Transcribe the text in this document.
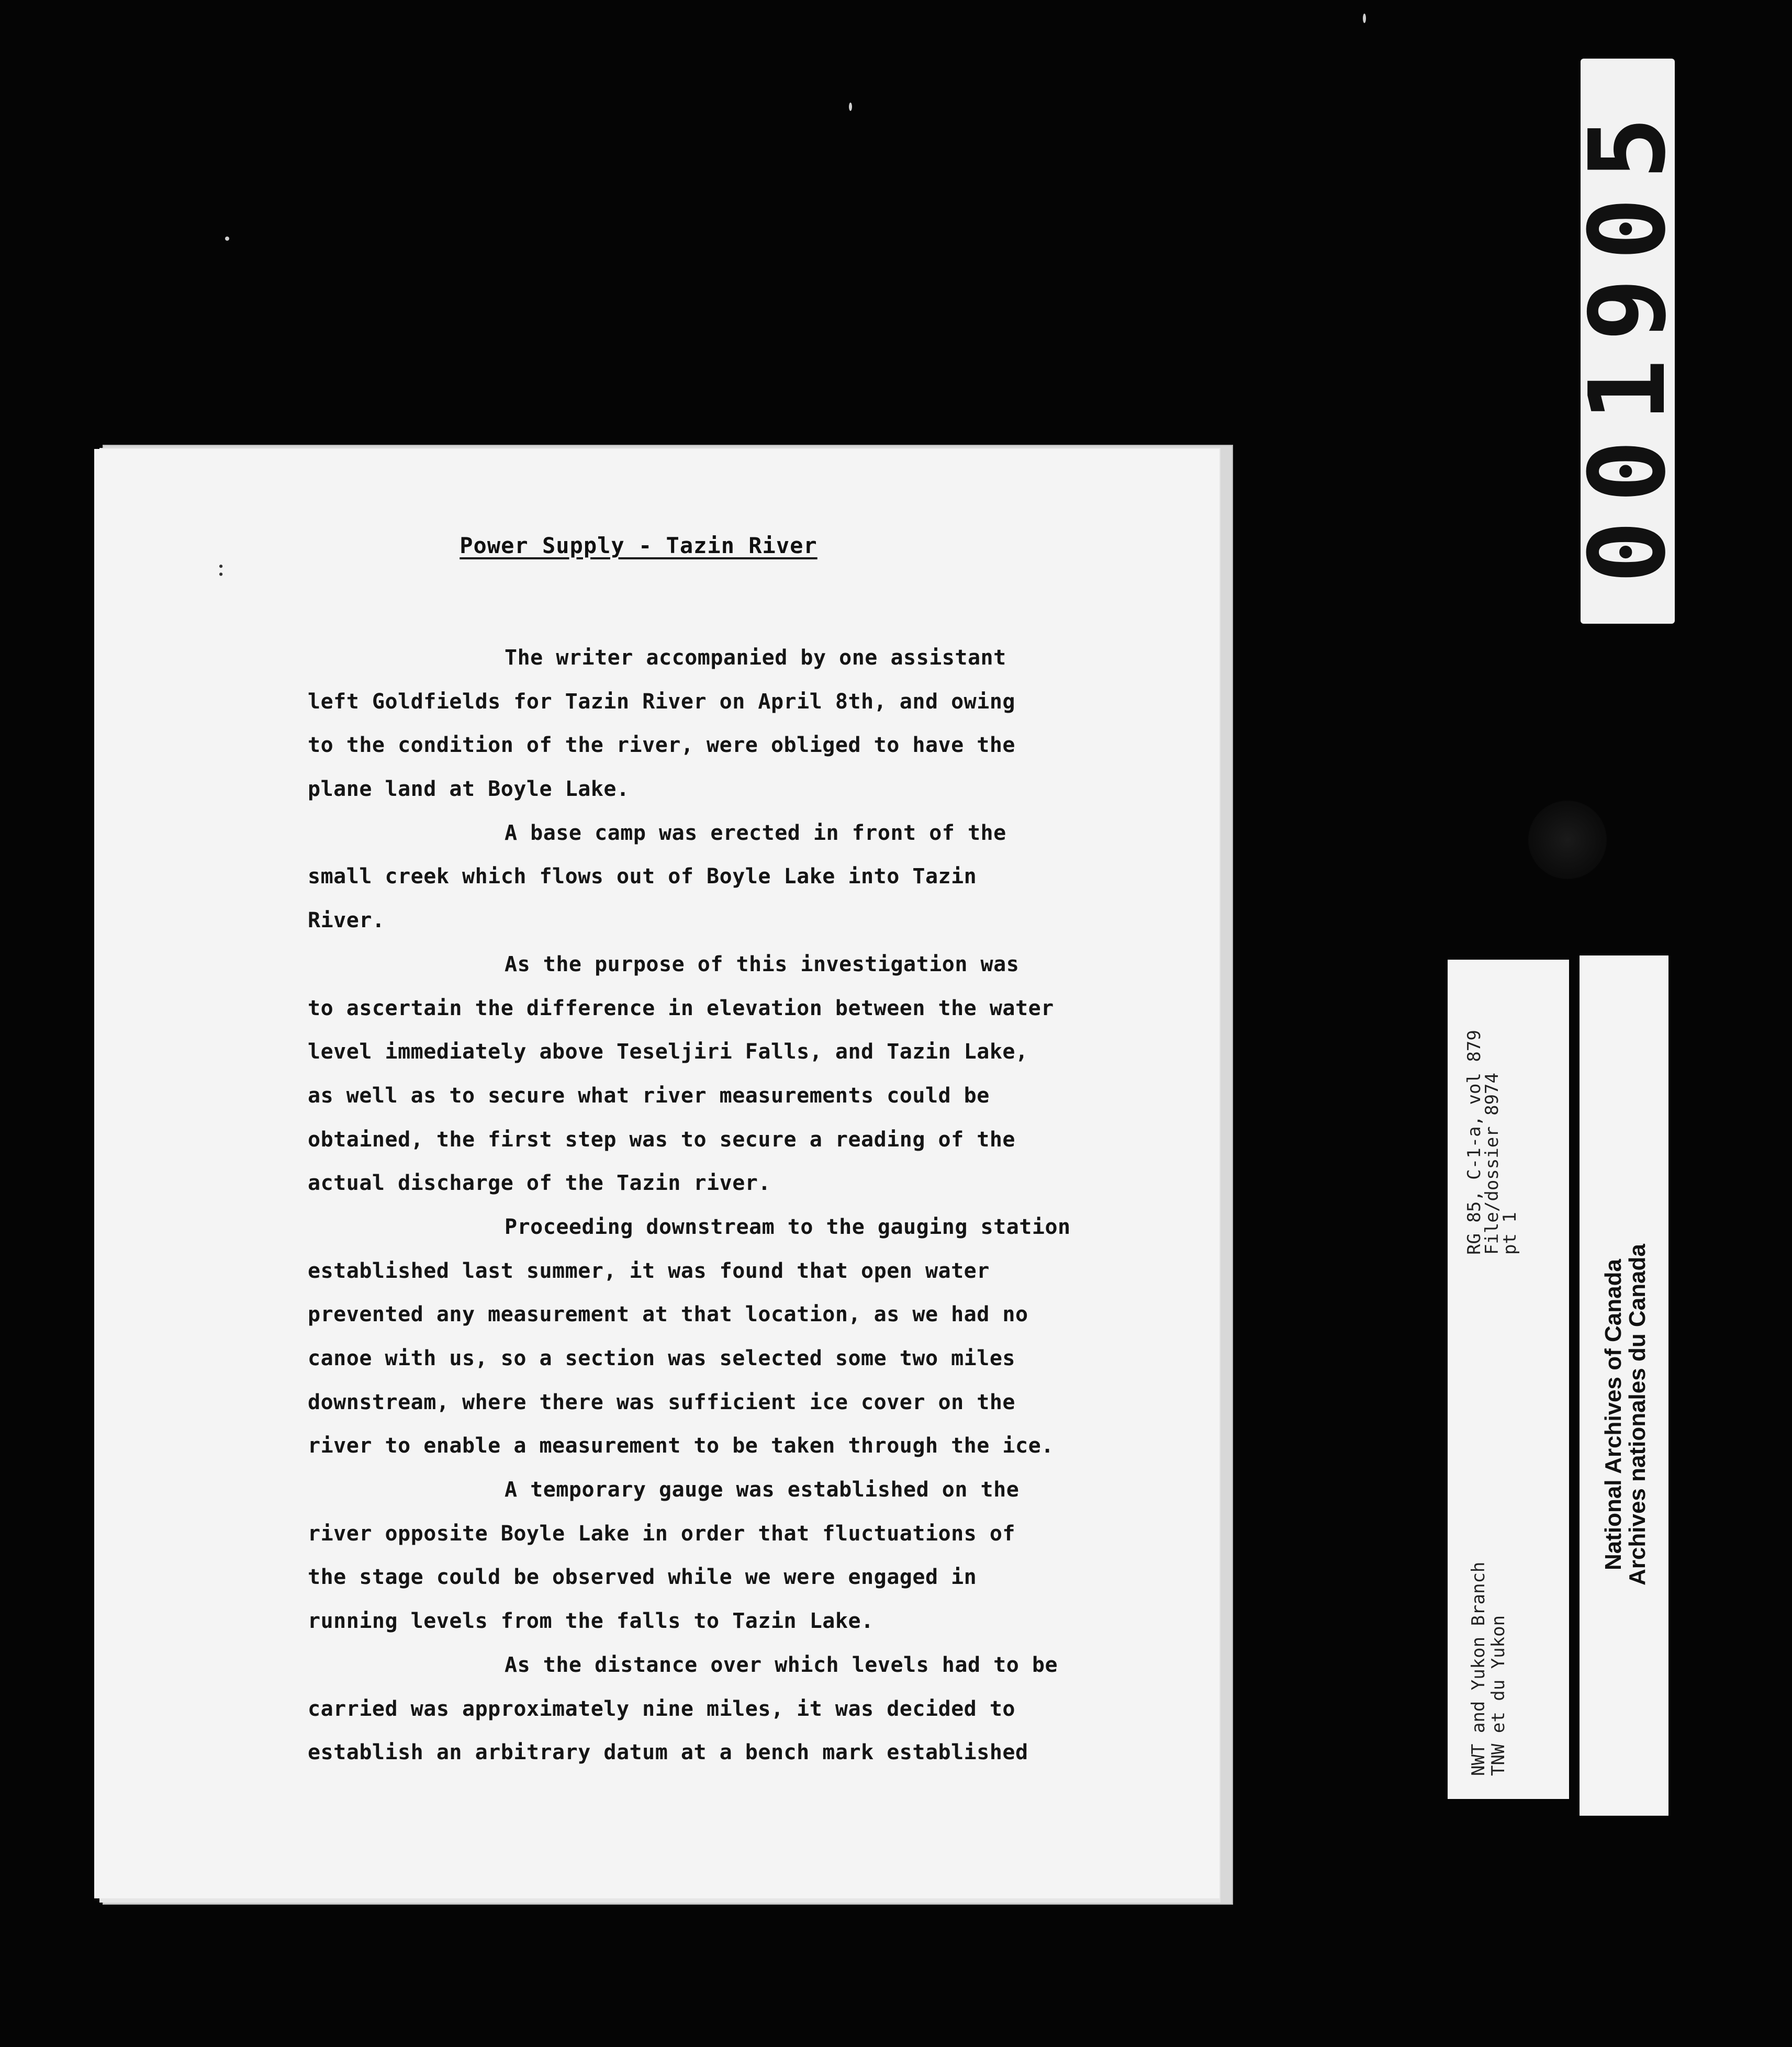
001905
:
Power Supply - Tazin River
The writer accompanied by one assistant
left Goldfields for Tazin River on April 8th, and owing
to the condition of the river, were obliged to have the
plane land at Boyle Lake.
A base camp was erected in front of the
small creek which flows out of Boyle Lake into Tazin
River.
As the purpose of this investigation was
to ascertain the difference in elevation between the water
level immediately above Teseljiri Falls, and Tazin Lake,
as well as to secure what river measurements could be
obtained, the first step was to secure a reading of the
actual discharge of the Tazin river.
Proceeding downstream to the gauging station
established last summer, it was found that open water
prevented any measurement at that location, as we had no
canoe with us, so a section was selected some two miles
downstream, where there was sufficient ice cover on the
river to enable a measurement to be taken through the ice.
A temporary gauge was established on the
river opposite Boyle Lake in order that fluctuations of
the stage could be observed while we were engaged in
running levels from the falls to Tazin Lake.
As the distance over which levels had to be
carried was approximately nine miles, it was decided to
establish an arbitrary datum at a bench mark established	NWT and Yukon Branch
TNW et du Yukon
RG 85, C-1-a, vol 879
File/dossier 8974
pt 1
National Archives of Canada
Archives nationales du Canada
